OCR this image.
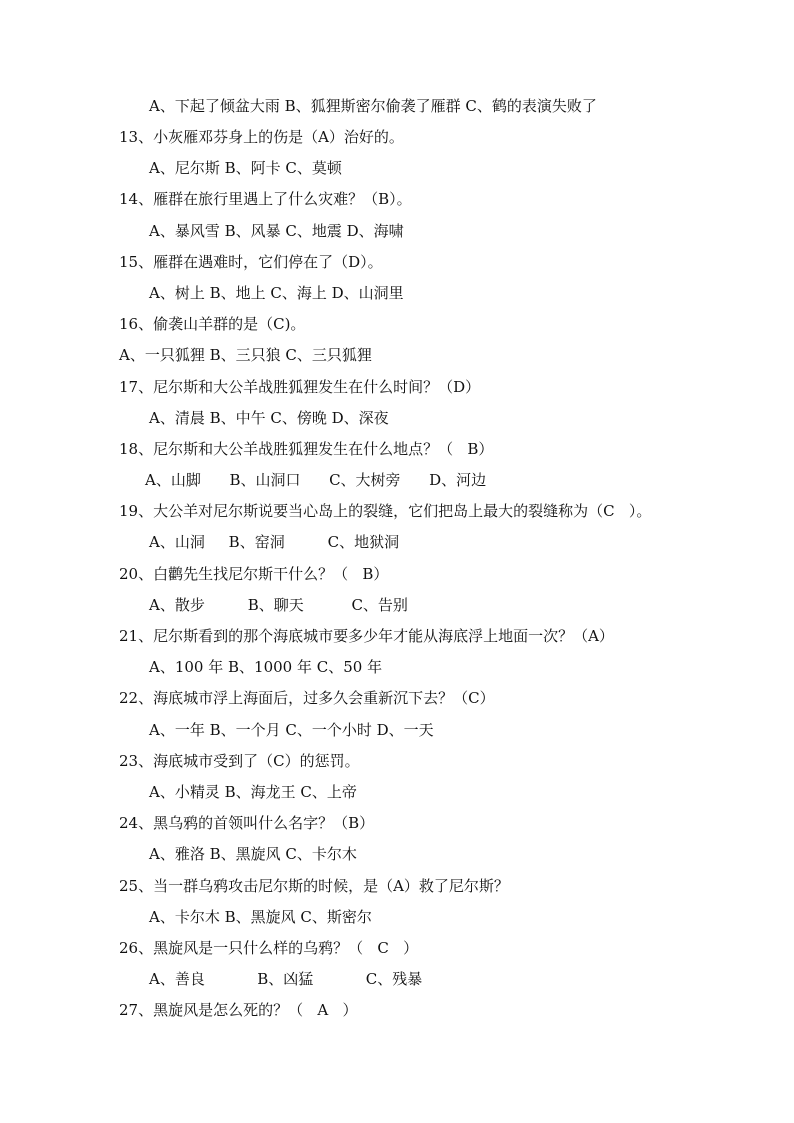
A、下起了倾盆大雨 B、狐狸斯密尔偷袭了雁群 C、鹤的表演失败了
13、小灰雁邓芬身上的伤是（A）治好的。
A、尼尔斯 B、阿卡 C、莫顿
14、雁群在旅行里遇上了什么灾难？（B）。
A、暴风雪 B、风暴 C、地震 D、海啸
15、雁群在遇难时，它们停在了（D）。
A、树上 B、地上 C、海上 D、山洞里
16、偷袭山羊群的是（C)。
A、一只狐狸 B、三只狼 C、三只狐狸
17、尼尔斯和大公羊战胜狐狸发生在什么时间？（D）
A、清晨 B、中午 C、傍晚 D、深夜
18、尼尔斯和大公羊战胜狐狸发生在什么地点？（   B）
A、山脚      B、山洞口      C、大树旁      D、河边
19、大公羊对尼尔斯说要当心岛上的裂缝，它们把岛上最大的裂缝称为（C   ）。
A、山洞     B、窑洞         C、地狱洞
20、白鹳先生找尼尔斯干什么？（   B）
A、散步         B、聊天          C、告别
21、尼尔斯看到的那个海底城市要多少年才能从海底浮上地面一次？（A）
A、100 年 B、1000 年 C、50 年
22、海底城市浮上海面后，过多久会重新沉下去？（C）
A、一年 B、一个月 C、一个小时 D、一天
23、海底城市受到了（C）的惩罚。
A、小精灵 B、海龙王 C、上帝
24、黑乌鸦的首领叫什么名字？（B）
A、雅洛 B、黑旋风 C、卡尔木
25、当一群乌鸦攻击尼尔斯的时候，是（A）救了尼尔斯？
A、卡尔木 B、黑旋风 C、斯密尔
26、黑旋风是一只什么样的乌鸦？（   C   ）
A、善良           B、凶猛           C、残暴
27、黑旋风是怎么死的？（   A   ）
